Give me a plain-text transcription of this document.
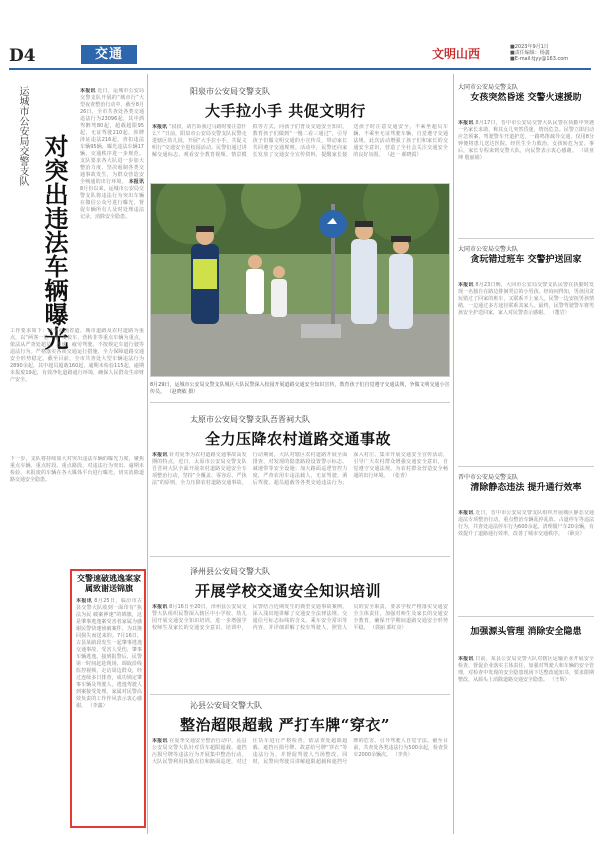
D4	交通	文明山西	■2023年9月1日
■责任编辑：杨鑫
■E-mail:tjyy@163.com
运城市公安局交警支队 对突出违法车辆曝光
本报讯 近日，运城市公安局交警支队开展的“城市行”大型夜查整治行动中，截至8月26日，全市共查处各类交通违法行为23096起，其中酒驾醉驾80起，超载超限95起，无证驾驶210起，涉牌涉证违法216起，查扣违法车辆95辆，曝光违法车辆17辆，交通秩序进一步规范。支队要求各大队进一步加大整治力度，坚决遏制各类交通事故发生，为群众营造安全畅通的出行环境。 本报讯 8月份以来，运城市公安局交警支队将违法行为突出车辆在微信公众号进行曝光，督促车辆所有人及时处理违法记录，消除安全隐患。
工作要求如下：以全市国省道、城市道路及农村道路为重点，以“两客一危一重”及校车、营转非等重点车辆为重点，依法从严查处超员、超速、疲劳驾驶、不按规定车道行驶等违法行为。严格落实各项交通运行措施，全力保障道路交通安全形势稳定。截至目前，全市共查处大型车辆违法行为2890余起，其中超员超载160起，逾期未检验115起，逾期未报废19起，有效净化道路通行环境，确保人民群众生命财产安全。
下一步，支队将持续加大对突出违法车辆的曝光力度，聚焦重点车辆、重点时段、重点路段，对违法行为突出、逾期未检验、未报废的车辆在各大媒体平台进行曝光，切实消除道路交通安全隐患。
交警速破逃逸案家属致谢送锦旗
本报讯 8月25日，临汾市古县交警大队收到一面印有“执法为民 破案神速”的锦旗，这是肇事逃逸案受害者家属为感谢民警快速侦破案件、为其挽回损失而送来的。7月16日，古县某路段发生一起肇事逃逸交通事故，受害人受伤，肇事车辆逃逸。接到报警后，民警第一时间赶赴现场，调取沿线监控视频，走访周边群众，经过连续多日排查，成功锁定肇事车辆及驾驶人，逃逸驾驶人到案接受处理。家属对民警高效负责的工作作风表示衷心感谢。 （李鑫）
阳泉市公安局交警支队
大手拉小手 共促文明行
本报讯 “叔叔，请告诉我过马路时要注意什么？”日前，阳泉市公安局交警支队民警走进辖区幼儿园，开展“大手拉小手，共促文明行”交通安全进校园活动。民警们通过讲解交通标志、观看安全教育视频、情景模拟等方式，向孩子们普及交通安全知识，教育孩子们做到“一慢二看三通过”，引导孩子们做文明交通的小宣传员，带动家长共同遵守交通规则。活动中，民警还向家长发放了交通安全宣传资料，提醒家长接送孩子时注意交通安全，不乘坐超员车辆、不乘坐无证驾驶车辆，自觉遵守交通法规。此次活动增强了孩子们和家长的交通安全意识，营造了全社会关注交通安全的良好氛围。 （赵一 郝晓霞）
8月29日，运城市公安局交警支队城区大队民警深入校园开展道路交通安全知识宣传，教育孩子们自觉遵守交通法规，争做文明交通小宣传员。 （赵晓敏 摄）
太原市公安局交警支队吾晋祠大队
全力压降农村道路交通事故
本报讯 针对夏季为农村道路交通事故高发期的特点，近日，太原市公安局交警支队吾晋祠大队全面开展农村道路交通安全专项整治行动，坚持“全覆盖、零容忍、严执法”的原则，全力压降农村道路交通事故。行动期间，大队对辖区农村道路开展全面排查，对发现的隐患路段设置警示标志、减速带等安全设施；加大路面巡逻管控力度，严查农用车违法载人、无证驾驶、酒后驾驶、超员超载等各类交通违法行为；深入村庄、集市开展交通安全宣传活动，引导广大农村群众增强交通安全意识，自觉遵守交通法规，为农村群众营造安全畅通的出行环境。 （张青）
泽州县公安局交警大队
开展学校交通安全知识培训
本报讯 8月16日至20日，泽州县公安局交警大队组织民警深入辖区中小学校、幼儿园开展交通安全知识培训，进一步增强学校师生及家长的交通安全意识。培训中，民警结合近期发生的典型交通事故案例，深入浅出地讲解了交通安全法律法规、交通信号标志标线的含义、乘车安全常识等内容，并详细讲解了校车驾驶人、照管人员的安全职责，要求学校严格落实交通安全主体责任，加强对师生及家长的交通安全教育，确保开学期间道路交通安全形势平稳。 （郭丽 郭红亮）
沁县公安局交警大队
整治超限超载 严打车牌“穿衣”
本报讯 在夏季交通安全整治行动中，沁县公安局交警大队针对货车超限超载、遮挡污损号牌等违法行为开展集中整治行动。大队民警利用执勤点位和路面巡逻，对过往货车进行严格检查，依法查处超限超载、遮挡污损号牌、故意给号牌“穿衣”等违法行为，并督促驾驶人当场整改。同时，民警向驾驶员讲解超限超载和遮挡号牌的危害，引导驾驶人自觉守法。截至目前，共查处各类违法行为500余起，检查货车2000余辆次。 （李英）
大同市公安局交警支队
女孩突然昏迷 交警火速援助
本报讯 8月17日，晋中市公安局交警大队民警在执勤中突遇一名家长求助，称其女儿突然昏迷，情况危急。民警立即启动应急预案，驾驶警车开道护送，一路鸣笛疏导交通，仅用8分钟便将患儿送达医院。经医生全力救治，女孩转危为安。事后，家长专程来到交警大队，向民警表示衷心感谢。 （周亚坤 殷丽娟）
大同市公安局交警大队
贪玩错过班车 交警护送回家
本报讯 8月23日晚，大同市公安局交警支队民警在执勤时发现一名独自在路边徘徊哭泣的小男孩。经询问得知，男孩因贪玩错过了回家的班车，又联系不上家人。民警一边安抚男孩情绪，一边通过多方途径联系其家人。最终，民警驾驶警车将男孩安全护送回家，家人对民警表示感谢。 （董岩）
晋中市公安局交警支队
清除静态违法 提升通行效率
本报讯 近日，晋中市公安局交警支队组织开展城区静态交通违法专项整治行动，重点整治车辆乱停乱放、占道停车等违法行为，共查处违法停车行为600余起，清理僵尸车20余辆，有效提升了道路通行效率，改善了城市交通秩序。 （耿亮）
加强源头管理 消除安全隐患
本报讯 日前，某县公安局交警大队对辖区运输企业开展安全检查，督促企业落实主体责任，加强对驾驶人和车辆的安全管理，对检查中发现的安全隐患现场下达整改通知书，要求限期整改，从源头上消除道路交通安全隐患。 （王辉）
